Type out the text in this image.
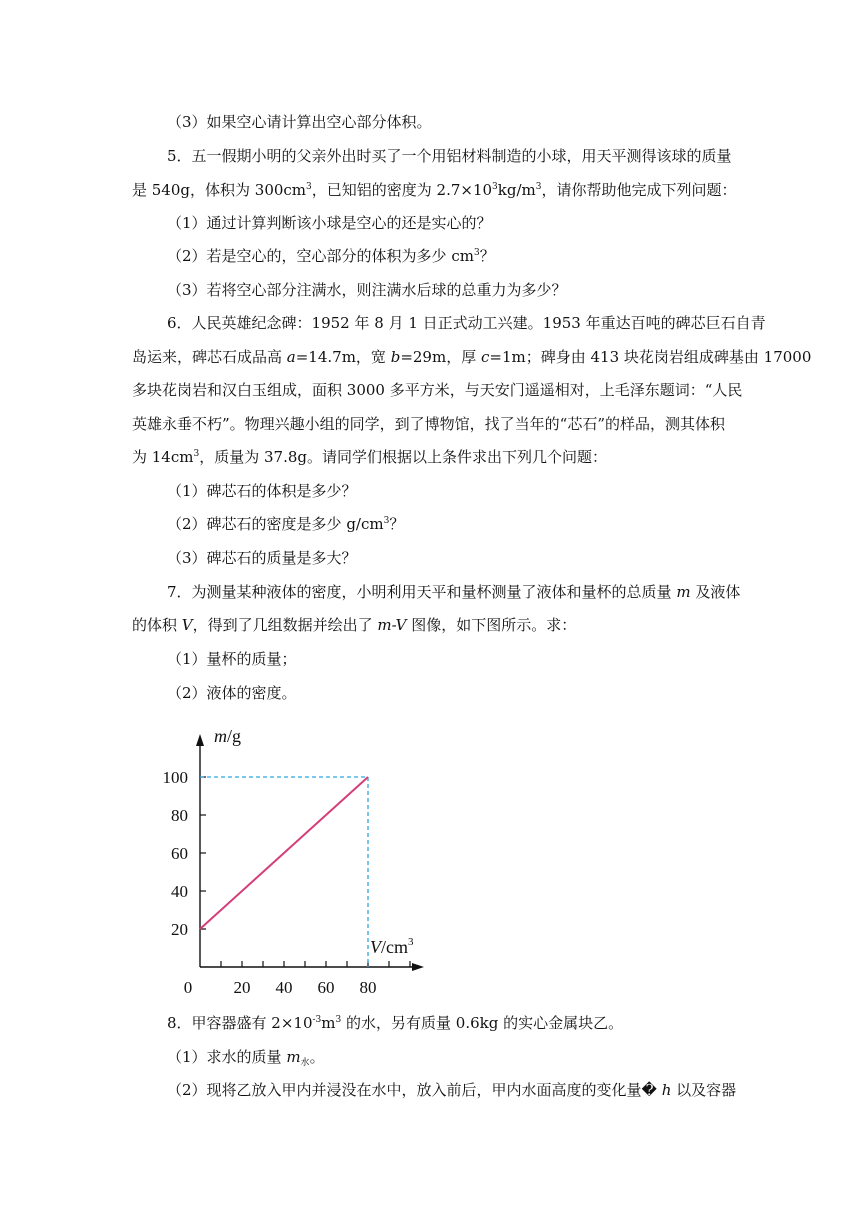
（3）如果空心请计算出空心部分体积。
5．五一假期小明的父亲外出时买了一个用铝材料制造的小球，用天平测得该球的质量
是 540g，体积为 $300cm^3$，已知铝的密度为 $2.7\times 10^3kg/m^3$，请你帮助他完成下列问题：
（1）通过计算判断该小球是空心的还是实心的？
（2）若是空心的，空心部分的体积为多少 $cm^3$？
（3）若将空心部分注满水，则注满水后球的总重力为多少？
6．人民英雄纪念碑：1952 年 8 月 1 日正式动工兴建。1953 年重达百吨的碑芯巨石自青
岛运来，碑芯石成品高 a=14.7m，宽 b=29m，厚 c=1m；碑身由 413 块花岗岩组成碑基由 17000
多块花岗岩和汉白玉组成，面积 3000 多平方米，与天安门遥遥相对，上毛泽东题词：“人民
英雄永垂不朽”。物理兴趣小组的同学，到了博物馆，找了当年的“芯石”的样品，测其体积
为 $14cm^3$，质量为 37.8g。请同学们根据以上条件求出下列几个问题：
（1）碑芯石的体积是多少？
（2）碑芯石的密度是多少 $g/cm^3$？
（3）碑芯石的质量是多大？
7．为测量某种液体的密度，小明利用天平和量杯测量了液体和量杯的总质量 m 及液体
的体积 V，得到了几组数据并绘出了 m-V 图像，如下图所示。求：
（1）量杯的质量；
（2）液体的密度。
0 20 40 60 80
20
40
60
80
100
m/g
$V/cm^3$
8．甲容器盛有 $2\times 10^{-3}m^3$ 的水，另有质量 0.6kg 的实心金属块乙。
（1）求水的质量 $m_水$。
（2）现将乙放入甲内并浸没在水中，放入前后，甲内水面高度的变化量� h 以及容器
